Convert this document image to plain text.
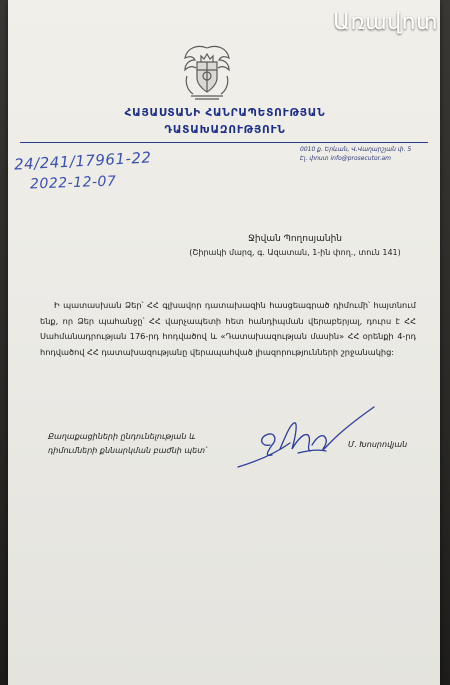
Առավոտ
ՀԱՅԱՍՏԱՆԻ ՀԱՆՐԱՊԵՏՈՒԹՅԱՆ
ԴԱՏԱԽԱԶՈՒԹՅՈՒՆ
0010 ք. Երևան, Վ.Վաղարշյան փ. 5
Էլ. փոստ info@prosecutor.am
24/241/17961-22
2022-12-07
Ջիվան Պողոսյանին
(Շիրակի մարզ, գ. Ազատան, 1-ին փող., տուն 141)

Ի պատասխան Ձեր՝ ՀՀ գլխավոր դատախազին հասցեագրած դիմումի՝ հայտնում ենք, որ Ձեր պահանջը՝ ՀՀ վարչապետի հետ հանդիպման վերաբերյալ, դուրս է ՀՀ Սահմանադրության 176-րդ հոդվածով և «Դատախազության մասին» ՀՀ օրենքի 4-րդ հոդվածով ՀՀ դատախազությանը վերապահված լիազորությունների շրջանակից:

Քաղաքացիների ընդունելության և
դիմումների քննարկման բաժնի պետ՝
Մ. Խոսրովյան
